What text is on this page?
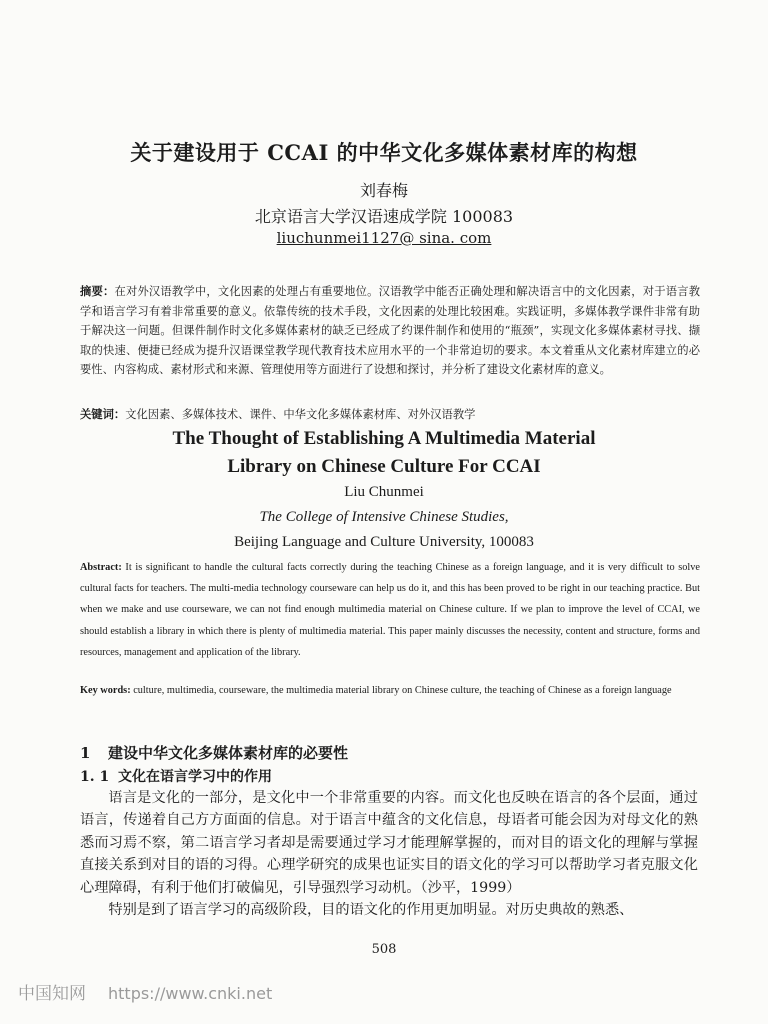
关于建设用于 CCAI 的中华文化多媒体素材库的构想
刘春梅
北京语言大学汉语速成学院 100083
liuchunmei1127@ sina. com
摘要：在对外汉语教学中，文化因素的处理占有重要地位。汉语教学中能否正确处理和解决语言中的文化因素，对于语言教学和语言学习有着非常重要的意义。依靠传统的技术手段，文化因素的处理比较困难。实践证明，多媒体教学课件非常有助于解决这一问题。但课件制作时文化多媒体素材的缺乏已经成了约课件制作和使用的“瓶颈”，实现文化多媒体素材寻找、撷取的快速、便捷已经成为提升汉语课堂教学现代教育技术应用水平的一个非常迫切的要求。本文着重从文化素材库建立的必要性、内容构成、素材形式和来源、管理使用等方面进行了设想和探讨，并分析了建设文化素材库的意义。
关键词：文化因素、多媒体技术、课件、中华文化多媒体素材库、对外汉语教学
The Thought of Establishing A Multimedia Material
Library on Chinese Culture For CCAI
Liu Chunmei
The College of Intensive Chinese Studies,
Beijing Language and Culture University, 100083
Abstract: It is significant to handle the cultural facts correctly during the teaching Chinese as a foreign language, and it is very difficult to solve cultural facts for teachers. The multi-media technology courseware can help us do it, and this has been proved to be right in our teaching practice. But when we make and use courseware, we can not find enough multimedia material on Chinese culture. If we plan to improve the level of CCAI, we should establish a library in which there is plenty of multimedia material. This paper mainly discusses the necessity, content and structure, forms and resources, management and application of the library.
Key words: culture, multimedia, courseware, the multimedia material library on Chinese culture, the teaching of Chinese as a foreign language
1 建设中华文化多媒体素材库的必要性
1. 1 文化在语言学习中的作用

语言是文化的一部分，是文化中一个非常重要的内容。而文化也反映在语言的各个层面，通过语言，传递着自己方方面面的信息。对于语言中蕴含的文化信息，母语者可能会因为对母文化的熟悉而习焉不察，第二语言学习者却是需要通过学习才能理解掌握的，而对目的语文化的理解与掌握直接关系到对目的语的习得。心理学研究的成果也证实目的语文化的学习可以帮助学习者克服文化心理障碍，有利于他们打破偏见，引导强烈学习动机。（沙平，1999）

特别是到了语言学习的高级阶段，目的语文化的作用更加明显。对历史典故的熟悉、

508
中国知网 https://www.cnki.net
